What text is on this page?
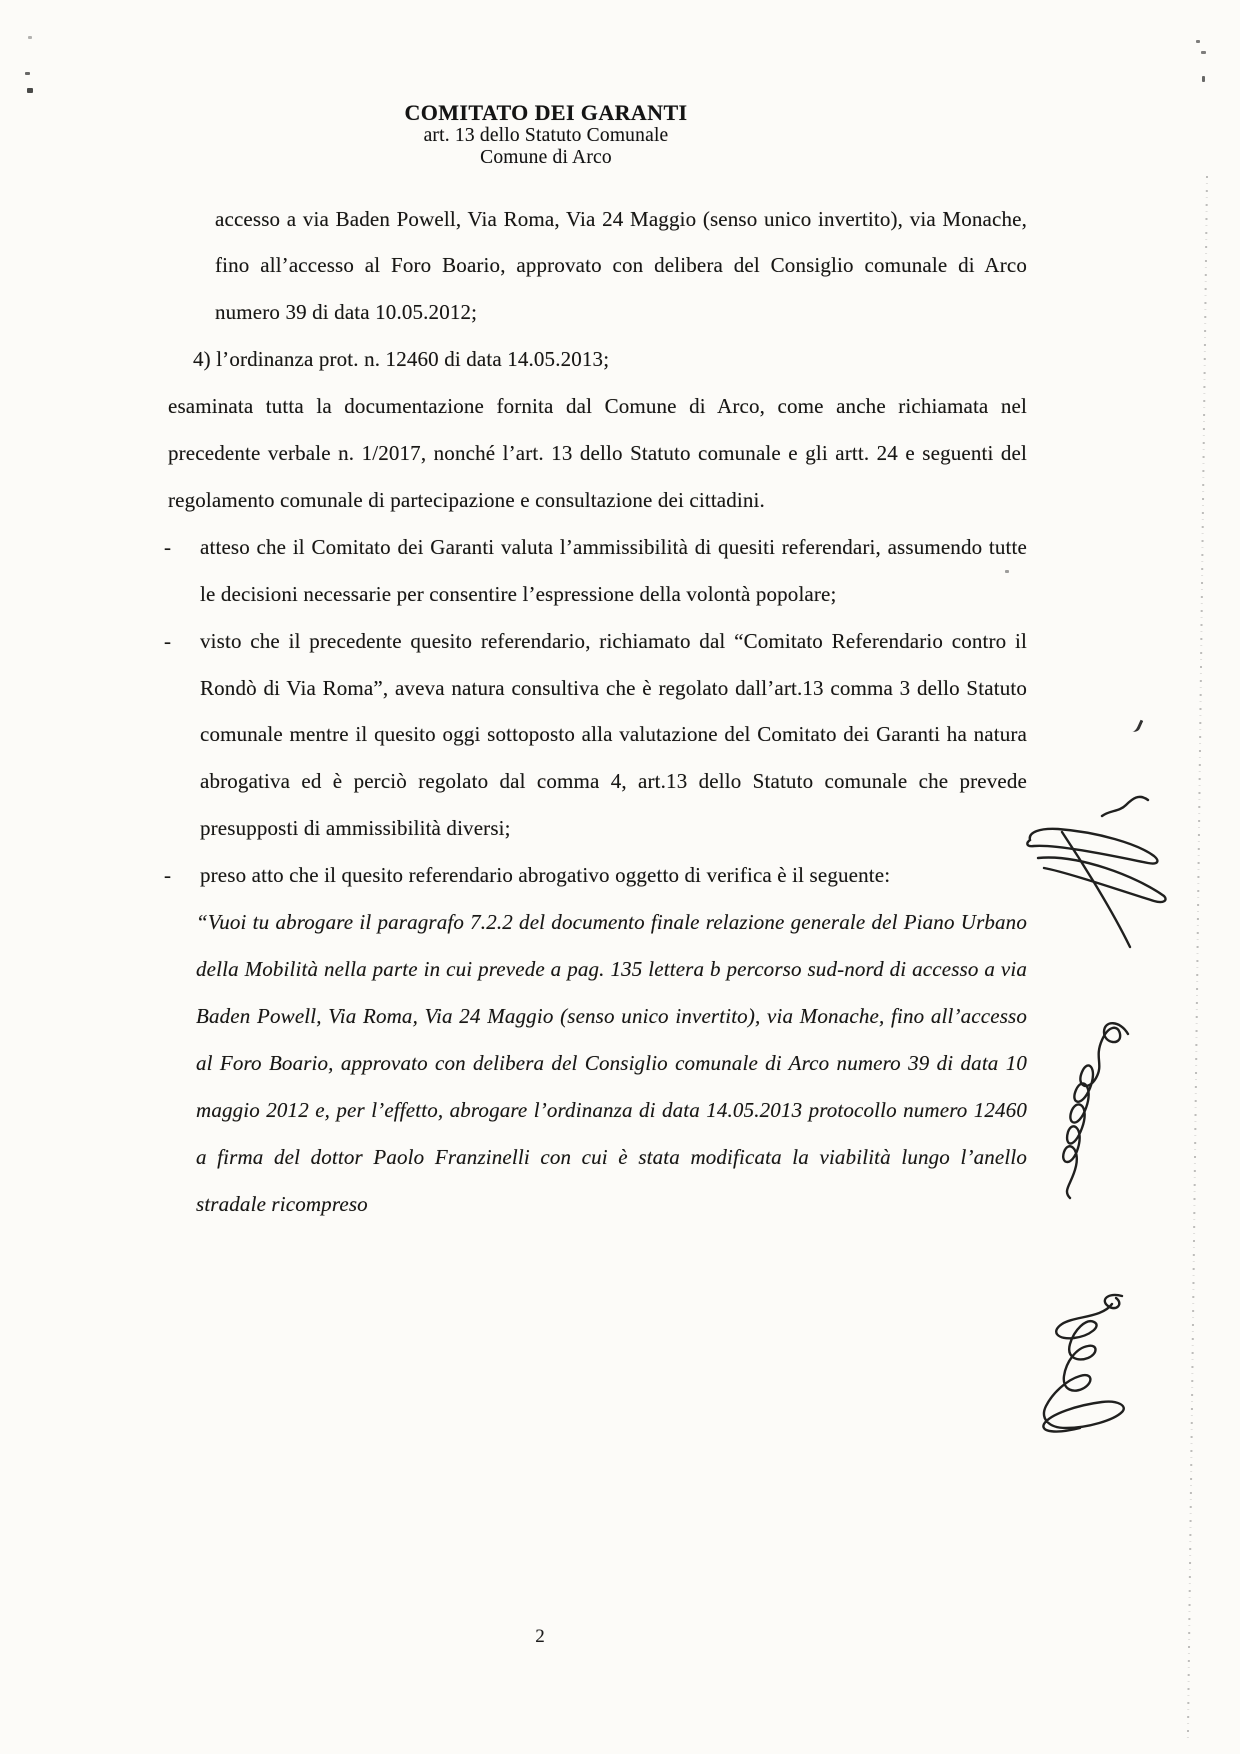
COMITATO DEI GARANTI
art. 13 dello Statuto Comunale
Comune di Arco
accesso a via Baden Powell, Via Roma, Via 24 Maggio (senso unico invertito), via Monache, fino all’accesso al Foro Boario, approvato con delibera del Consiglio comunale di Arco numero 39 di data 10.05.2012;
4) l’ordinanza prot. n. 12460 di data 14.05.2013;
esaminata tutta la documentazione fornita dal Comune di Arco, come anche richiamata nel precedente verbale n. 1/2017, nonché l’art. 13 dello Statuto comunale e gli artt. 24 e seguenti del regolamento comunale di partecipazione e consultazione dei cittadini.
-	atteso che il Comitato dei Garanti valuta l’ammissibilità di quesiti referendari, assumendo tutte le decisioni necessarie per consentire l’espressione della volontà popolare;
-	visto che il precedente quesito referendario, richiamato dal “Comitato Referendario contro il Rondò di Via Roma”, aveva natura consultiva che è regolato dall’art.13 comma 3 dello Statuto comunale mentre il quesito oggi sottoposto alla valutazione del Comitato dei Garanti ha natura abrogativa ed è perciò regolato dal comma 4, art.13 dello Statuto comunale che prevede presupposti di ammissibilità diversi;
-	preso atto che il quesito referendario abrogativo oggetto di verifica è il seguente:
“Vuoi tu abrogare il paragrafo 7.2.2 del documento finale relazione generale del Piano Urbano della Mobilità nella parte in cui prevede a pag. 135 lettera b percorso sud-nord di accesso a via Baden Powell, Via Roma, Via 24 Maggio (senso unico invertito), via Monache, fino all’accesso al Foro Boario, approvato con delibera del Consiglio comunale di Arco numero 39 di data 10 maggio 2012 e, per l’effetto, abrogare l’ordinanza di data 14.05.2013 protocollo numero 12460 a firma del dottor Paolo Franzinelli con cui è stata modificata la viabilità lungo l’anello stradale ricompreso
2
